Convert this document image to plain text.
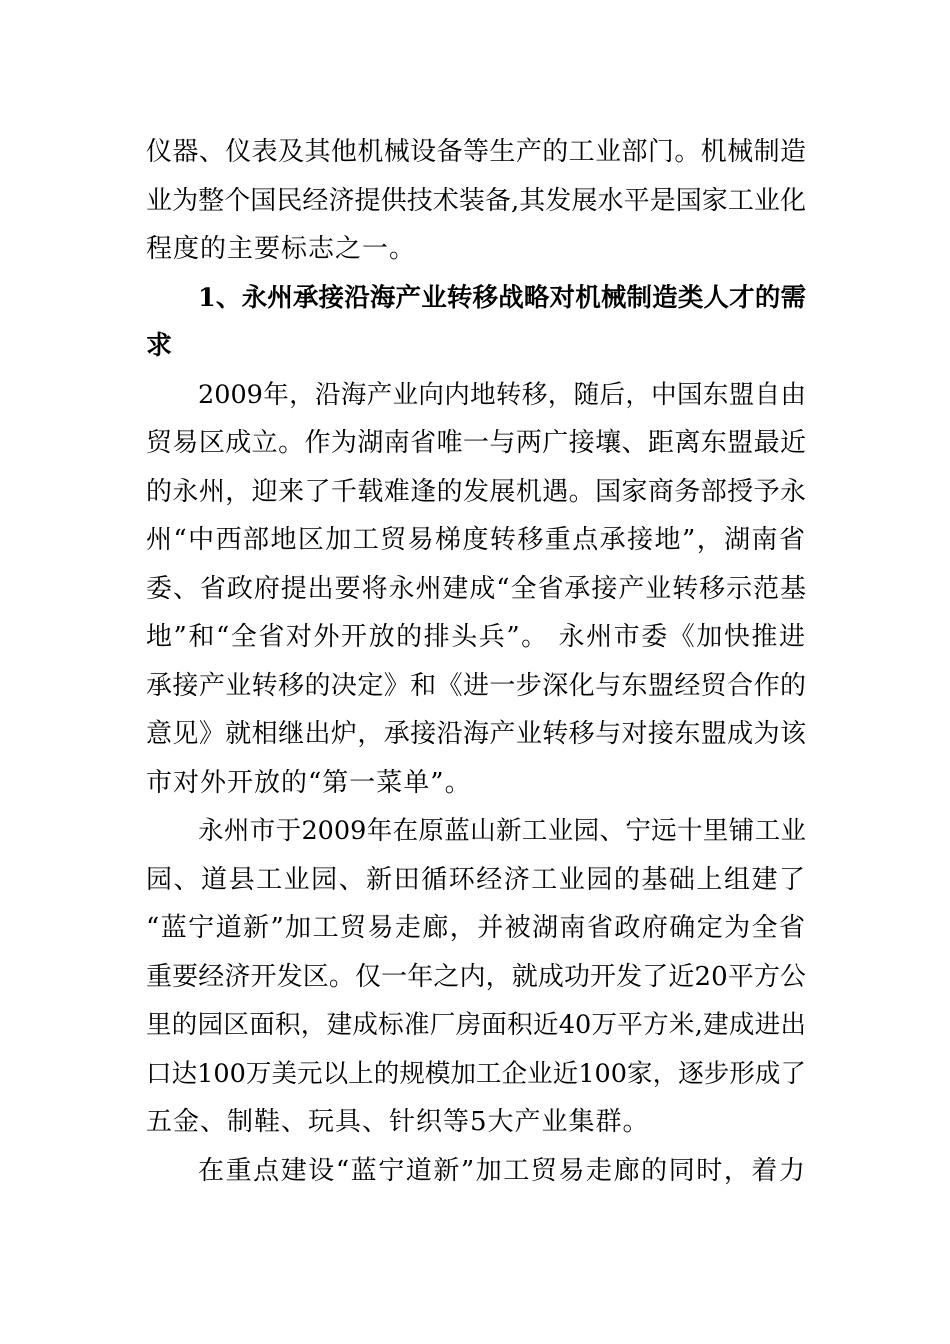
仪器、仪表及其他机械设备等生产的工业部门。机械制造
业为整个国民经济提供技术装备,其发展水平是国家工业化
程度的主要标志之一。
1、永州承接沿海产业转移战略对机械制造类人才的需
求
2009年，沿海产业向内地转移，随后，中国东盟自由
贸易区成立。作为湖南省唯一与两广接壤、距离东盟最近
的永州，迎来了千载难逢的发展机遇。国家商务部授予永
州“中西部地区加工贸易梯度转移重点承接地”，湖南省
委、省政府提出要将永州建成“全省承接产业转移示范基
地”和“全省对外开放的排头兵”。 永州市委《加快推进
承接产业转移的决定》和《进一步深化与东盟经贸合作的
意见》就相继出炉，承接沿海产业转移与对接东盟成为该
市对外开放的“第一菜单”。
永州市于2009年在原蓝山新工业园、宁远十里铺工业
园、道县工业园、新田循环经济工业园的基础上组建了
“蓝宁道新”加工贸易走廊，并被湖南省政府确定为全省
重要经济开发区。仅一年之内，就成功开发了近20平方公
里的园区面积，建成标准厂房面积近40万平方米,建成进出
口达100万美元以上的规模加工企业近100家，逐步形成了
五金、制鞋、玩具、针织等5大产业集群。
在重点建设“蓝宁道新”加工贸易走廊的同时，着力
